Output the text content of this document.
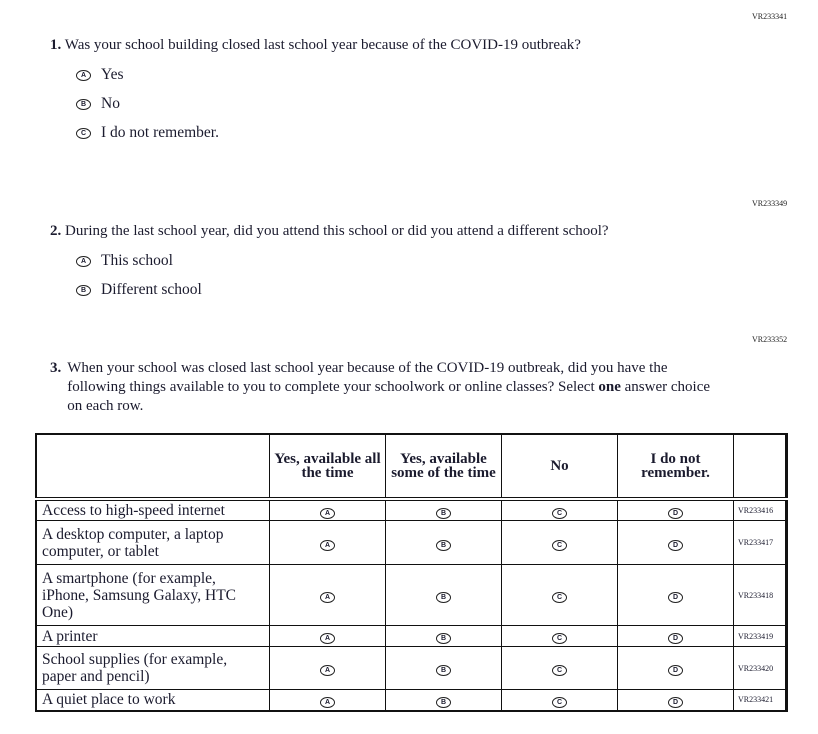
VR233341
1. Was your school building closed last school year because of the COVID-19 outbreak?
A Yes
B No
C I do not remember.
VR233349
2. During the last school year, did you attend this school or did you attend a different school?
A This school
B Different school
VR233352
3. When your school was closed last school year because of the COVID-19 outbreak, did you have the following things available to you to complete your schoolwork or online classes? Select one answer choice on each row.
	Yes, available all the time	Yes, available some of the time	No	I do not remember.	
Access to high-speed internet	A	B	C	D	VR233416
A desktop computer, a laptop computer, or tablet	A	B	C	D	VR233417
A smartphone (for example, iPhone, Samsung Galaxy, HTC One)	A	B	C	D	VR233418
A printer	A	B	C	D	VR233419
School supplies (for example, paper and pencil)	A	B	C	D	VR233420
A quiet place to work	A	B	C	D	VR233421
